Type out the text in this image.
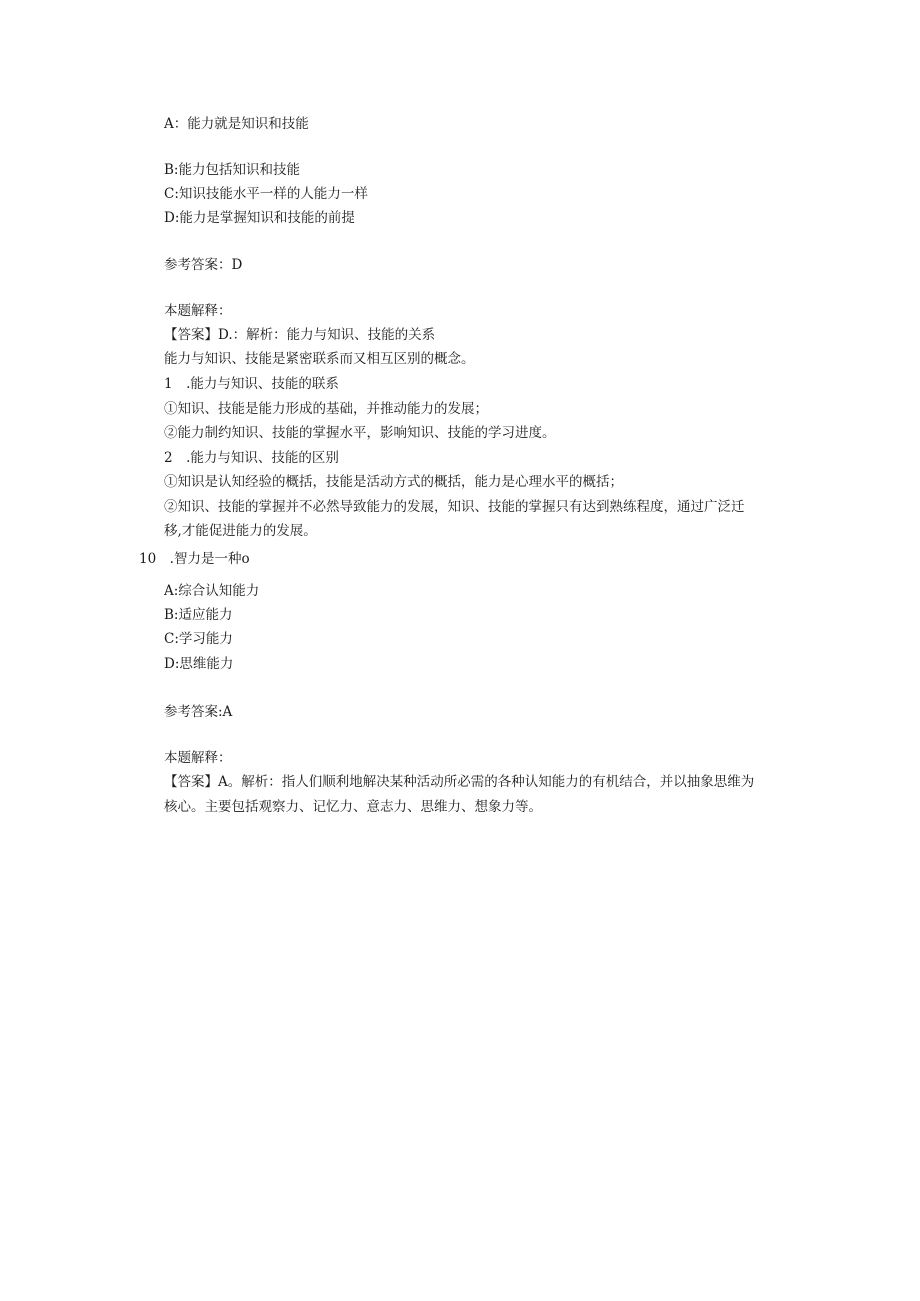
A：能力就是知识和技能
B:能力包括知识和技能
C:知识技能水平一样的人能力一样
D:能力是掌握知识和技能的前提
参考答案：D
本题解释：
【答案】D.：解析：能力与知识、技能的关系
能力与知识、技能是紧密联系而又相互区别的概念。
1　.能力与知识、技能的联系
①知识、技能是能力形成的基础，并推动能力的发展；
②能力制约知识、技能的掌握水平，影响知识、技能的学习进度。
2　.能力与知识、技能的区别
①知识是认知经验的概括，技能是活动方式的概括，能力是心理水平的概括；
②知识、技能的掌握并不必然导致能力的发展，知识、技能的掌握只有达到熟练程度，通过广泛迁
移,才能促进能力的发展。
10　.智力是一种o
A:综合认知能力
B:适应能力
C:学习能力
D:思维能力
参考答案:A
本题解释：
【答案】A。解析：指人们顺利地解决某种活动所必需的各种认知能力的有机结合，并以抽象思维为
核心。主要包括观察力、记忆力、意志力、思维力、想象力等。
